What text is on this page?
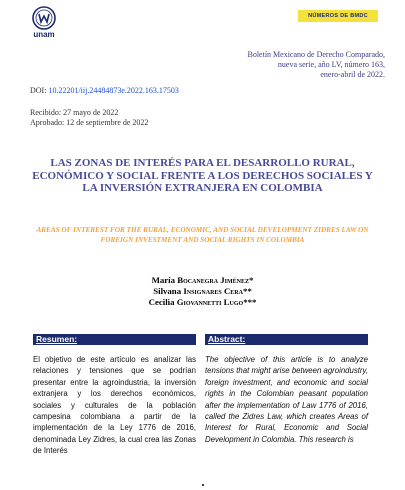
unam
NÚMEROS DE BMDC
Boletín Mexicano de Derecho Comparado,
nueva serie, año LV, número 163,
enero-abril de 2022.
DOI: 10.22201/iij.24484873e.2022.163.17503
Recibido: 27 mayo de 2022
Aprobado: 12 de septiembre de 2022
LAS ZONAS DE INTERÉS PARA EL DESARROLLO RURAL, ECONÓMICO Y SOCIAL FRENTE A LOS DERECHOS SOCIALES Y LA INVERSIÓN EXTRANJERA EN COLOMBIA
AREAS OF INTEREST FOR THE RURAL, ECONOMIC, AND SOCIAL DEVELOPMENT ZIDRES LAW ON FOREIGN INVESTMENT AND SOCIAL RIGHTS IN COLOMBIA
María Bocanegra Jiménez*
Silvana Insignares Cera**
Cecilia Giovannetti Lugo***
Resumen:
El objetivo de este artículo es analizar las relaciones y tensiones que se podrían presentar entre la agroindustria, la inversión extranjera y los derechos económicos, sociales y culturales de la población campesina colombiana a partir de la implementación de la Ley 1776 de 2016, denominada Ley Zidres, la cual crea las Zonas de Interés
Abstract:
The objective of this article is to analyze tensions that might arise between agroindustry, foreign investment, and economic and social rights in the Colombian peasant population after the implementation of Law 1776 of 2016, called the Zidres Law, which creates Areas of Interest for Rural, Economic and Social Development in Colombia. This research is
